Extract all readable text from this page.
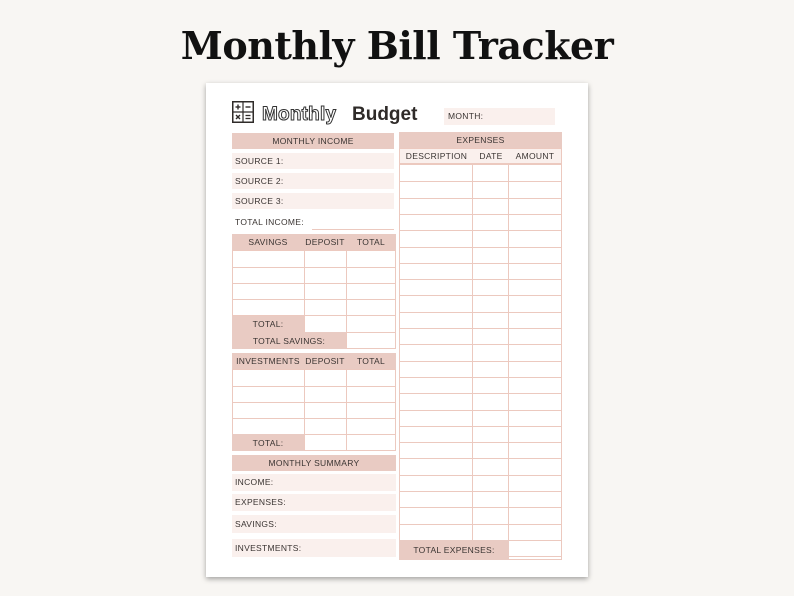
Monthly Bill Tracker
Monthly Budget	MONTH:
MONTHLY INCOME
SOURCE 1:
SOURCE 2:
SOURCE 3:
TOTAL INCOME:
SAVINGS	DEPOSIT	TOTAL
TOTAL:
TOTAL SAVINGS:
INVESTMENTS DEPOSIT	TOTAL
TOTAL:
MONTHLY SUMMARY
INCOME:
EXPENSES:
SAVINGS:
INVESTMENTS:
EXPENSES
DESCRIPTION	DATE	AMOUNT
TOTAL EXPENSES:
